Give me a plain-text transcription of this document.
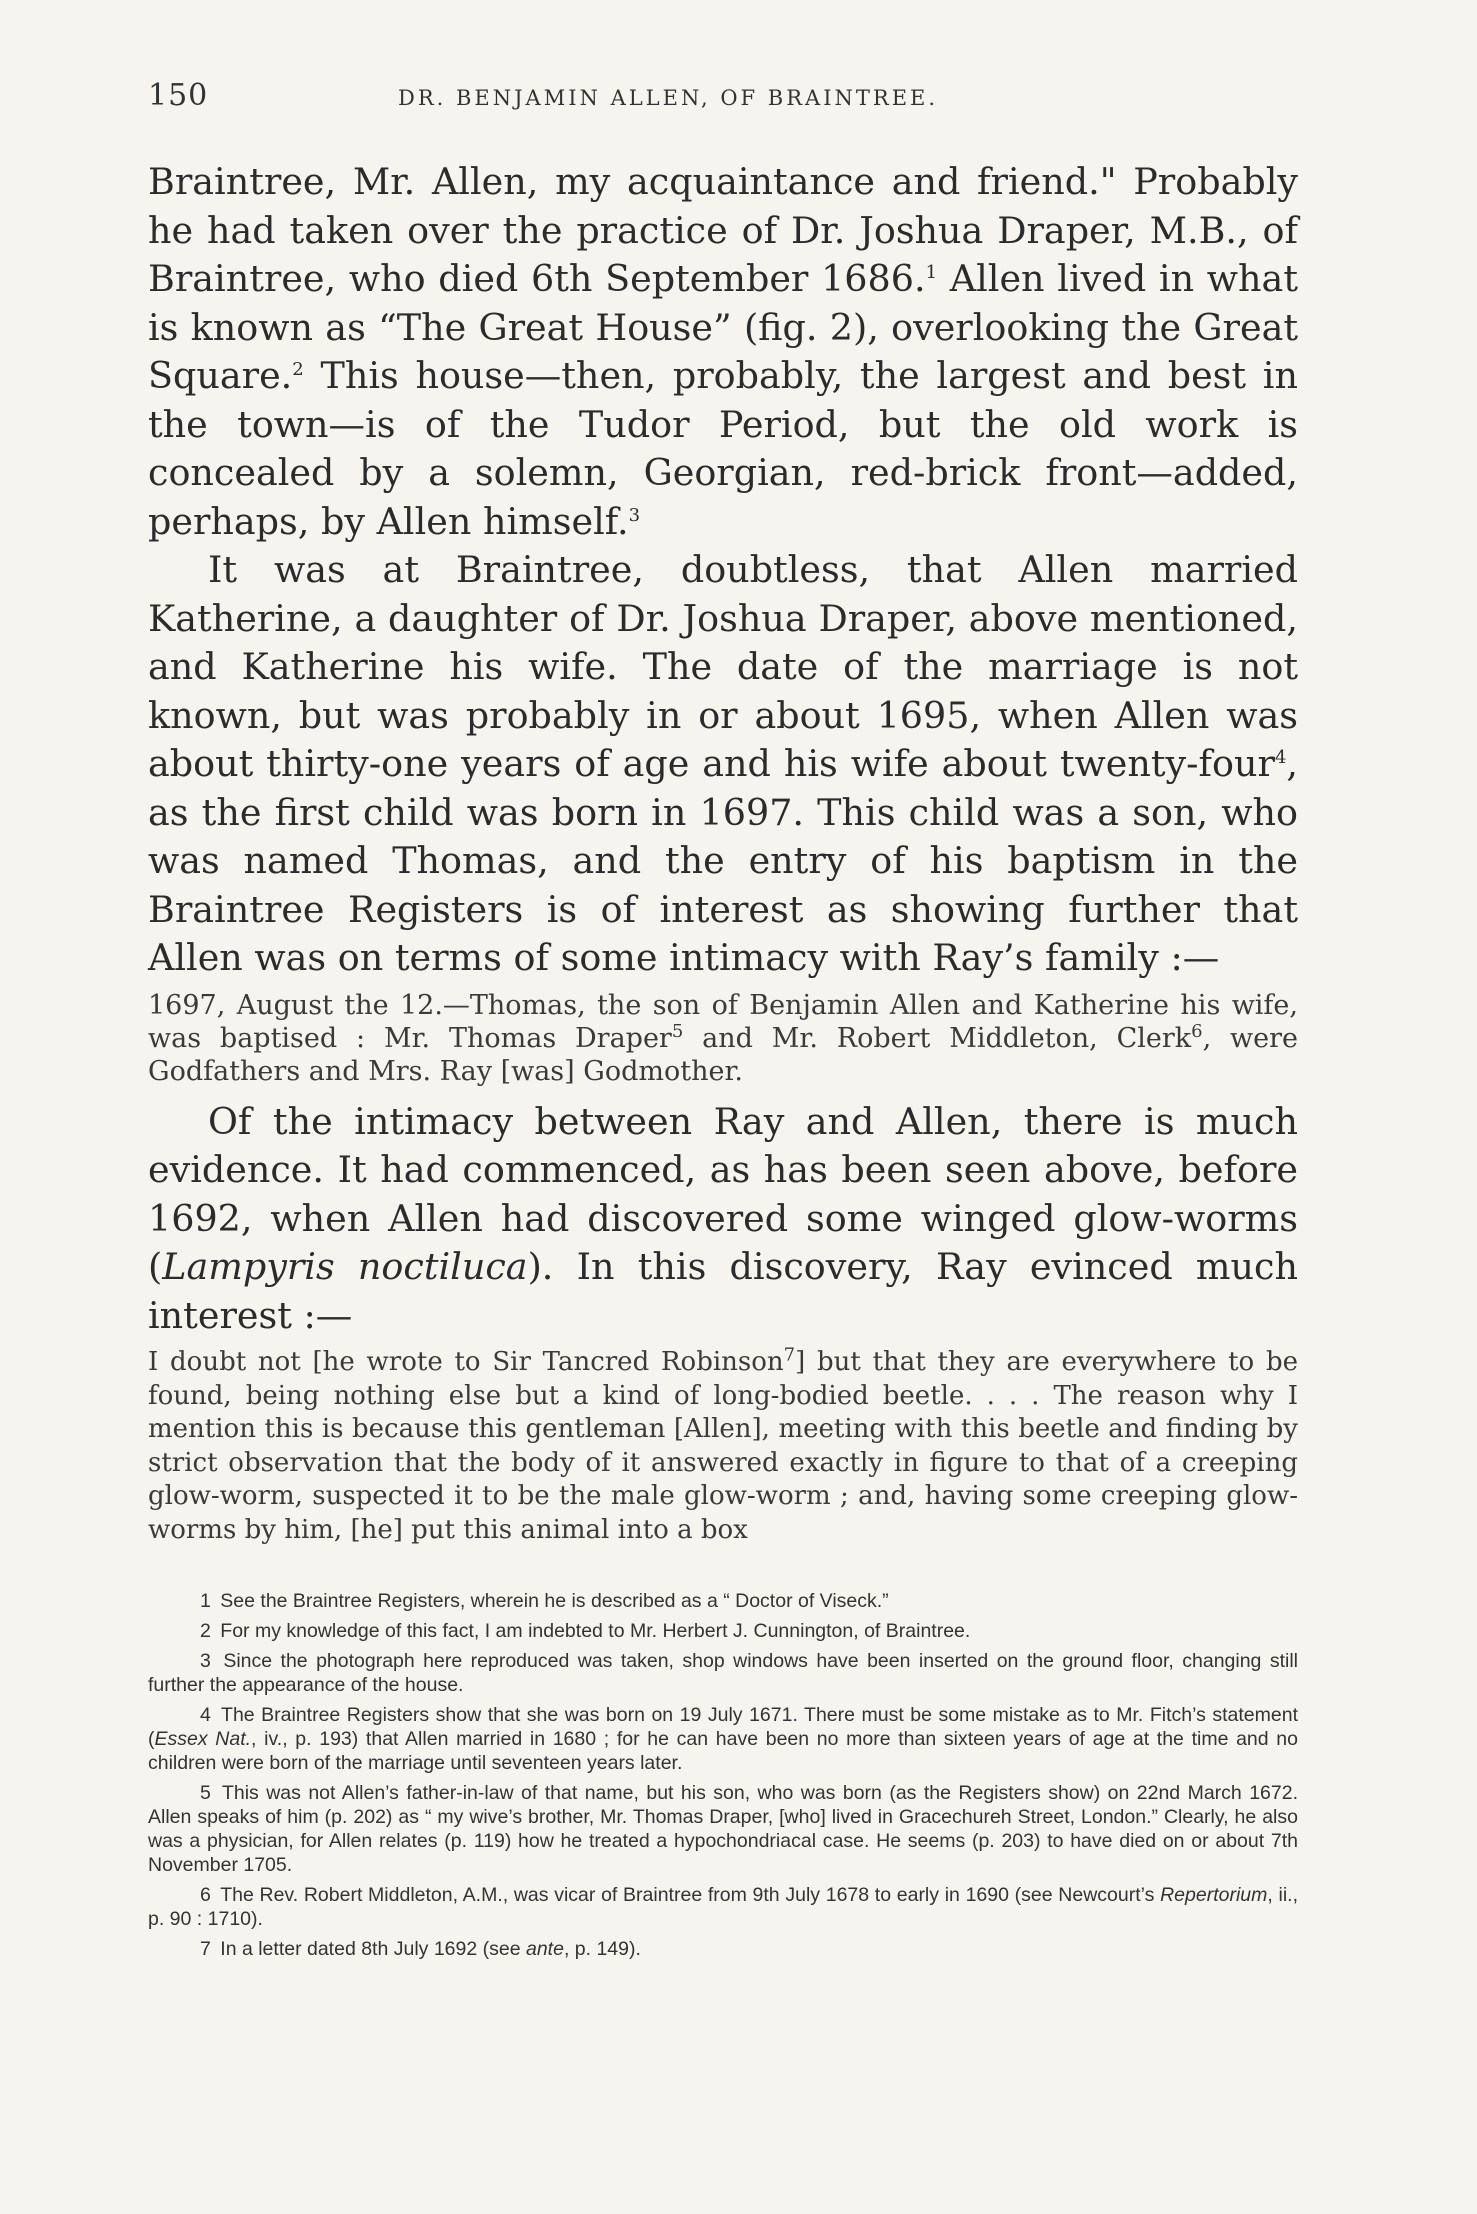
150	DR. BENJAMIN ALLEN, OF BRAINTREE.

Braintree, Mr. Allen, my acquaintance and friend." Probably he had taken over the practice of Dr. Joshua Draper, M.B., of Braintree, who died 6th September 1686.$^1$ Allen lived in what is known as “The Great House” (fig. 2), overlooking the Great Square.$^2$ This house—then, probably, the largest and best in the town—is of the Tudor Period, but the old work is concealed by a solemn, Georgian, red-brick front—added, perhaps, by Allen himself.$^3$

It was at Braintree, doubtless, that Allen married Katherine, a daughter of Dr. Joshua Draper, above mentioned, and Katherine his wife. The date of the marriage is not known, but was probably in or about 1695, when Allen was about thirty-one years of age and his wife about twenty-four$^4$, as the first child was born in 1697. This child was a son, who was named Thomas, and the entry of his baptism in the Braintree Registers is of interest as showing further that Allen was on terms of some intimacy with Ray’s family :—

1697, August the 12.—Thomas, the son of Benjamin Allen and Katherine his wife, was baptised : Mr. Thomas Draper$^5$ and Mr. Robert Middleton, Clerk$^6$, were Godfathers and Mrs. Ray [was] Godmother.

Of the intimacy between Ray and Allen, there is much evidence. It had commenced, as has been seen above, before 1692, when Allen had discovered some winged glow-worms (Lampyris noctiluca). In this discovery, Ray evinced much interest :—

I doubt not [he wrote to Sir Tancred Robinson$^7$] but that they are everywhere to be found, being nothing else but a kind of long-bodied beetle. . . . The reason why I mention this is because this gentleman [Allen], meeting with this beetle and finding by strict observation that the body of it answered exactly in figure to that of a creeping glow-worm, suspected it to be the male glow-worm ; and, having some creeping glow-worms by him, [he] put this animal into a box

1 See the Braintree Registers, wherein he is described as a “ Doctor of Viseck.”

2 For my knowledge of this fact, I am indebted to Mr. Herbert J. Cunnington, of Braintree.

3 Since the photograph here reproduced was taken, shop windows have been inserted on the ground floor, changing still further the appearance of the house.

4 The Braintree Registers show that she was born on 19 July 1671. There must be some mistake as to Mr. Fitch’s statement (Essex Nat., iv., p. 193) that Allen married in 1680 ; for he can have been no more than sixteen years of age at the time and no children were born of the marriage until seventeen years later.

5 This was not Allen’s father-in-law of that name, but his son, who was born (as the Registers show) on 22nd March 1672. Allen speaks of him (p. 202) as “ my wive’s brother, Mr. Thomas Draper, [who] lived in Gracechureh Street, London.” Clearly, he also was a physician, for Allen relates (p. 119) how he treated a hypochondriacal case. He seems (p. 203) to have died on or about 7th November 1705.

6 The Rev. Robert Middleton, A.M., was vicar of Braintree from 9th July 1678 to early in 1690 (see Newcourt’s Repertorium, ii., p. 90 : 1710).

7 In a letter dated 8th July 1692 (see ante, p. 149).
